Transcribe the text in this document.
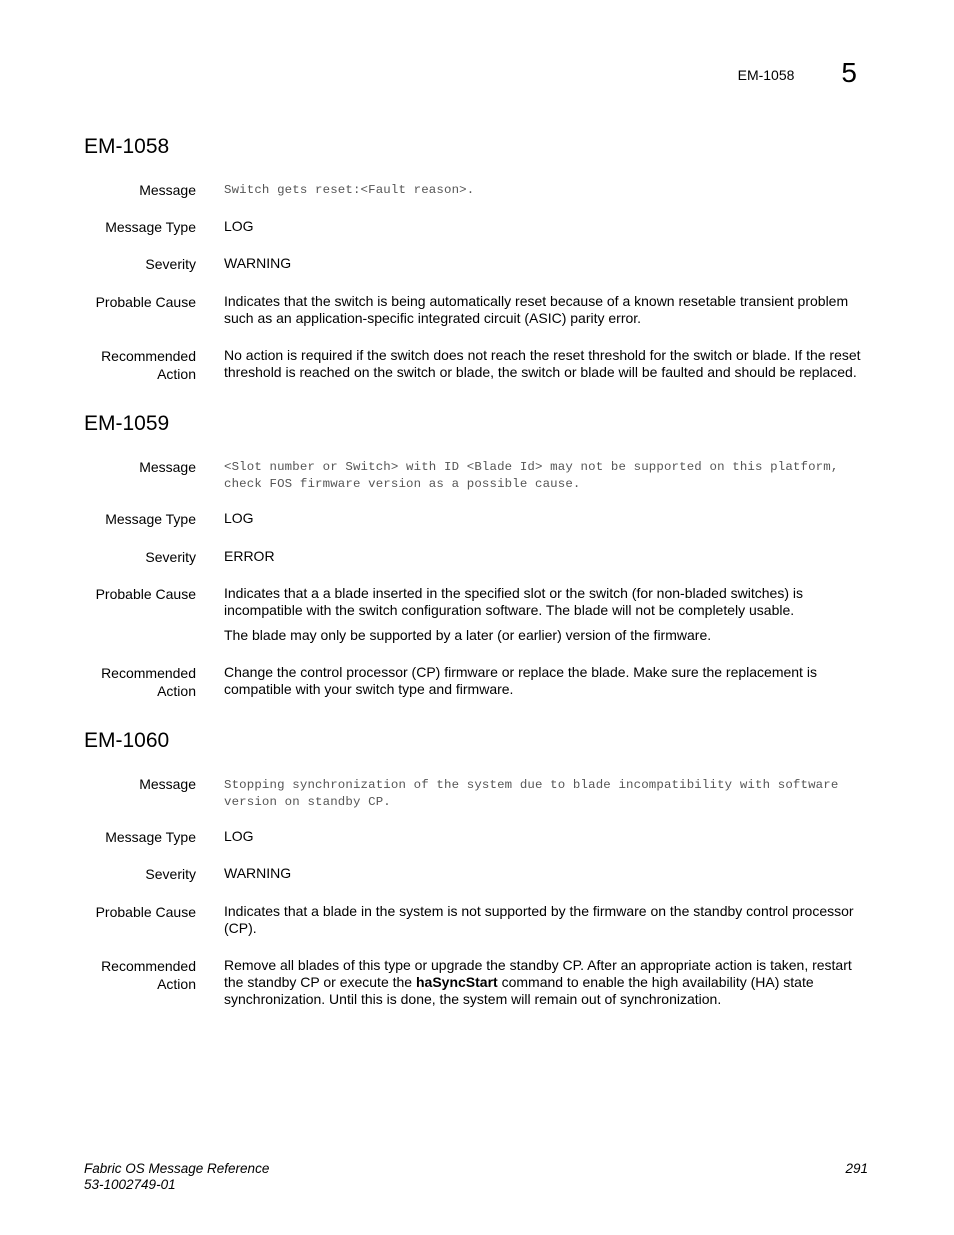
EM-1058 5
EM-1058
Message Switch gets reset:<Fault reason>.
Message Type LOG
Severity WARNING
Probable Cause Indicates that the switch is being automatically reset because of a known resetable transient problem such as an application-specific integrated circuit (ASIC) parity error.

Recommended
Action
No action is required if the switch does not reach the reset threshold for the switch or blade. If the reset threshold is reached on the switch or blade, the switch or blade will be faulted and should be replaced.
EM-1059
Message <Slot number or Switch> with ID <Blade Id> may not be supported on this platform, check FOS firmware version as a possible cause.
Message Type LOG
Severity ERROR
Probable Cause Indicates that a a blade inserted in the specified slot or the switch (for non-bladed switches) is incompatible with the switch configuration software. The blade will not be completely usable.

The blade may only be supported by a later (or earlier) version of the firmware.

Recommended
Action
Change the control processor (CP) firmware or replace the blade. Make sure the replacement is compatible with your switch type and firmware.
EM-1060
Message Stopping synchronization of the system due to blade incompatibility with software version on standby CP.
Message Type LOG
Severity WARNING
Probable Cause Indicates that a blade in the system is not supported by the firmware on the standby control processor (CP).

Recommended
Action
Remove all blades of this type or upgrade the standby CP. After an appropriate action is taken, restart the standby CP or execute the haSyncStart command to enable the high availability (HA) state synchronization. Until this is done, the system will remain out of synchronization.
Fabric OS Message Reference
53-1002749-01
291
